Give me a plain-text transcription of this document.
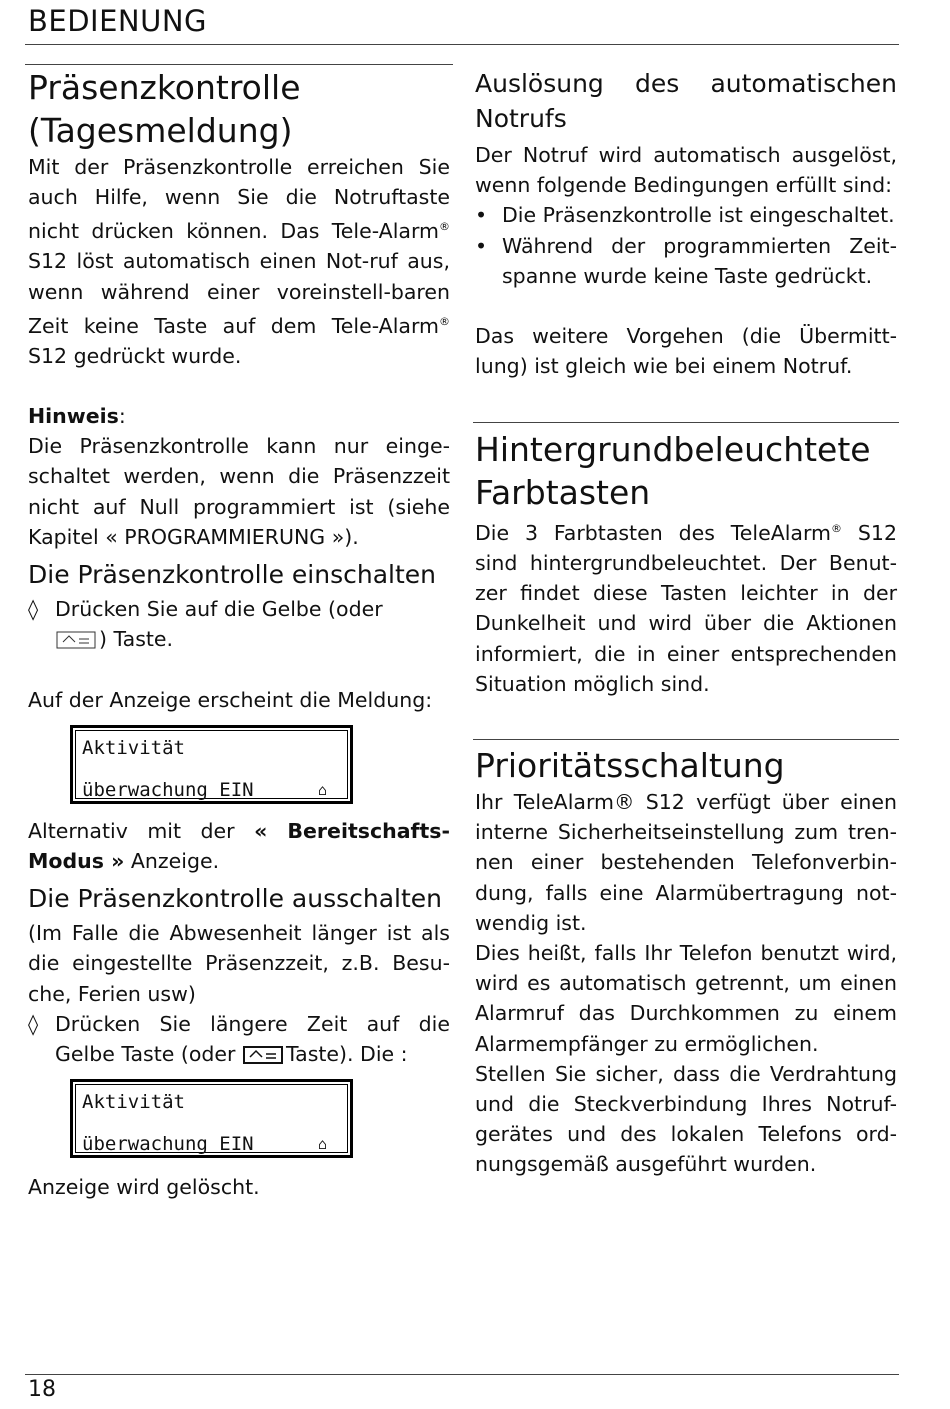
BEDIENUNG
Präsenzkontrolle
(Tagesmeldung)

Mit der Präsenzkontrolle erreichen Sie auch Hilfe, wenn Sie die Notruftaste nicht drücken können. Das Tele-Alarm® S12 löst automatisch einen Not-ruf aus, wenn während einer voreinstell-baren Zeit keine Taste auf dem Tele-Alarm® S12 gedrückt wurde.

Hinweis:

Die Präsenzkontrolle kann nur einge-schaltet werden, wenn die Präsenzzeit nicht auf Null programmiert ist (siehe Kapitel « PROGRAMMIERUNG »).

Die Präsenzkontrolle einschalten
◊ Drücken Sie auf die Gelbe (oder
) Taste.

Auf der Anzeige erscheint die Meldung:

Aktivität
überwachung EIN	⌂

Alternativ mit der « Bereitschafts-Modus » Anzeige.

Die Präsenzkontrolle ausschalten

(Im Falle die Abwesenheit länger ist als die eingestellte Präsenzzeit, z.B. Besu-che, Ferien usw)

◊ Drücken Sie längere Zeit auf die Gelbe Taste (oder Taste). Die :
Aktivität
überwachung EIN	⌂

Anzeige wird gelöscht.

Auslösung des automatischen Notrufs

Der Notruf wird automatisch ausgelöst, wenn folgende Bedingungen erfüllt sind:

• Die Präsenzkontrolle ist eingeschaltet.
• Während der programmierten Zeit-spanne wurde keine Taste gedrückt.

Das weitere Vorgehen (die Übermitt-lung) ist gleich wie bei einem Notruf.

Hintergrundbeleuchtete
Farbtasten

Die 3 Farbtasten des TeleAlarm® S12 sind hintergrundbeleuchtet. Der Benut-zer findet diese Tasten leichter in der Dunkelheit und wird über die Aktionen informiert, die in einer entsprechenden Situation möglich sind.

Prioritätsschaltung

Ihr TeleAlarm® S12 verfügt über einen interne Sicherheitseinstellung zum tren-nen einer bestehenden Telefonverbin-dung, falls eine Alarmübertragung not-wendig ist.

Dies heißt, falls Ihr Telefon benutzt wird, wird es automatisch getrennt, um einen Alarmruf das Durchkommen zu einem Alarmempfänger zu ermöglichen.

Stellen Sie sicher, dass die Verdrahtung und die Steckverbindung Ihres Notruf-gerätes und des lokalen Telefons ord-nungsgemäß ausgeführt wurden.

18
